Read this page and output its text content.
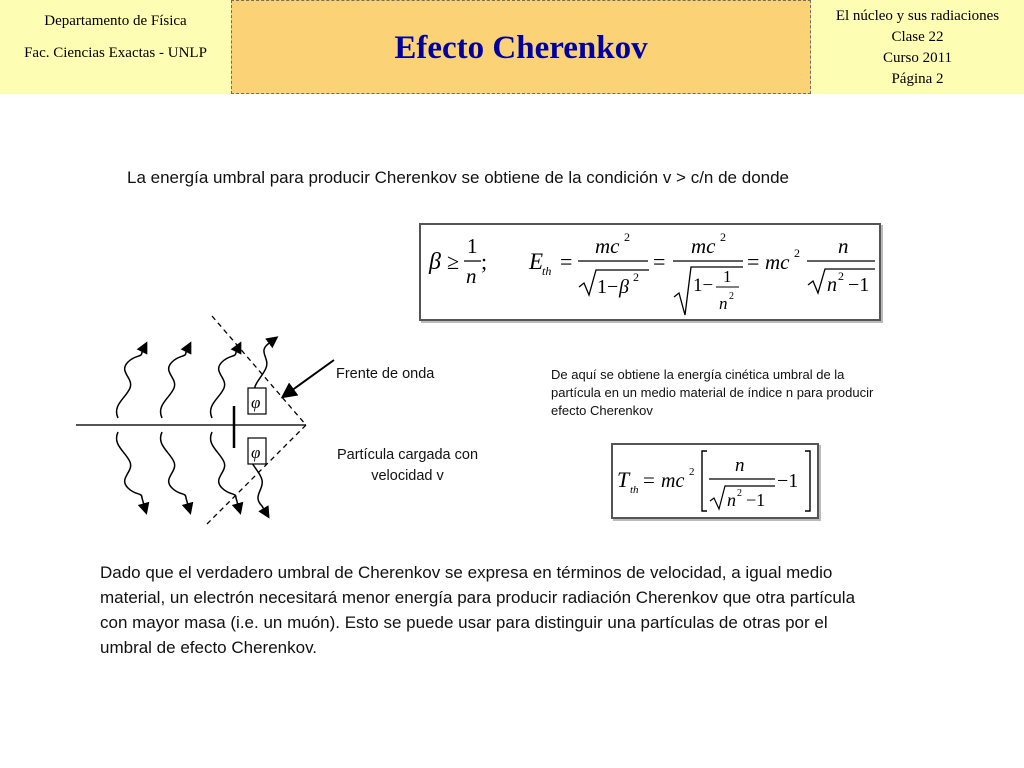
Departamento de Física
Fac. Ciencias Exactas - UNLP	Efecto Cherenkov
El núcleo y sus radiaciones
Clase 22
Curso 2011
Página 2
La energía umbral para producir Cherenkov se obtiene de la condición v > c/n de donde
β ≥
1
n
; E
th =
mc 2
1− β 2
=
mc 2
1− 1
n 2
= mc 2 n
n 2 −1
φ
φ
Frente de onda
Partícula cargada con velocidad v
De aquí se obtiene la energía cinética umbral de la partícula en un medio material de índice n para producir efecto Cherenkov
T th = mc 2 n
n 2 −1
−1
Dado que el verdadero umbral de Cherenkov se expresa en términos de velocidad, a igual medio material, un electrón necesitará menor energía para producir radiación Cherenkov que otra partícula con mayor masa (i.e. un muón). Esto se puede usar para distinguir una partículas de otras por el umbral de efecto Cherenkov.
